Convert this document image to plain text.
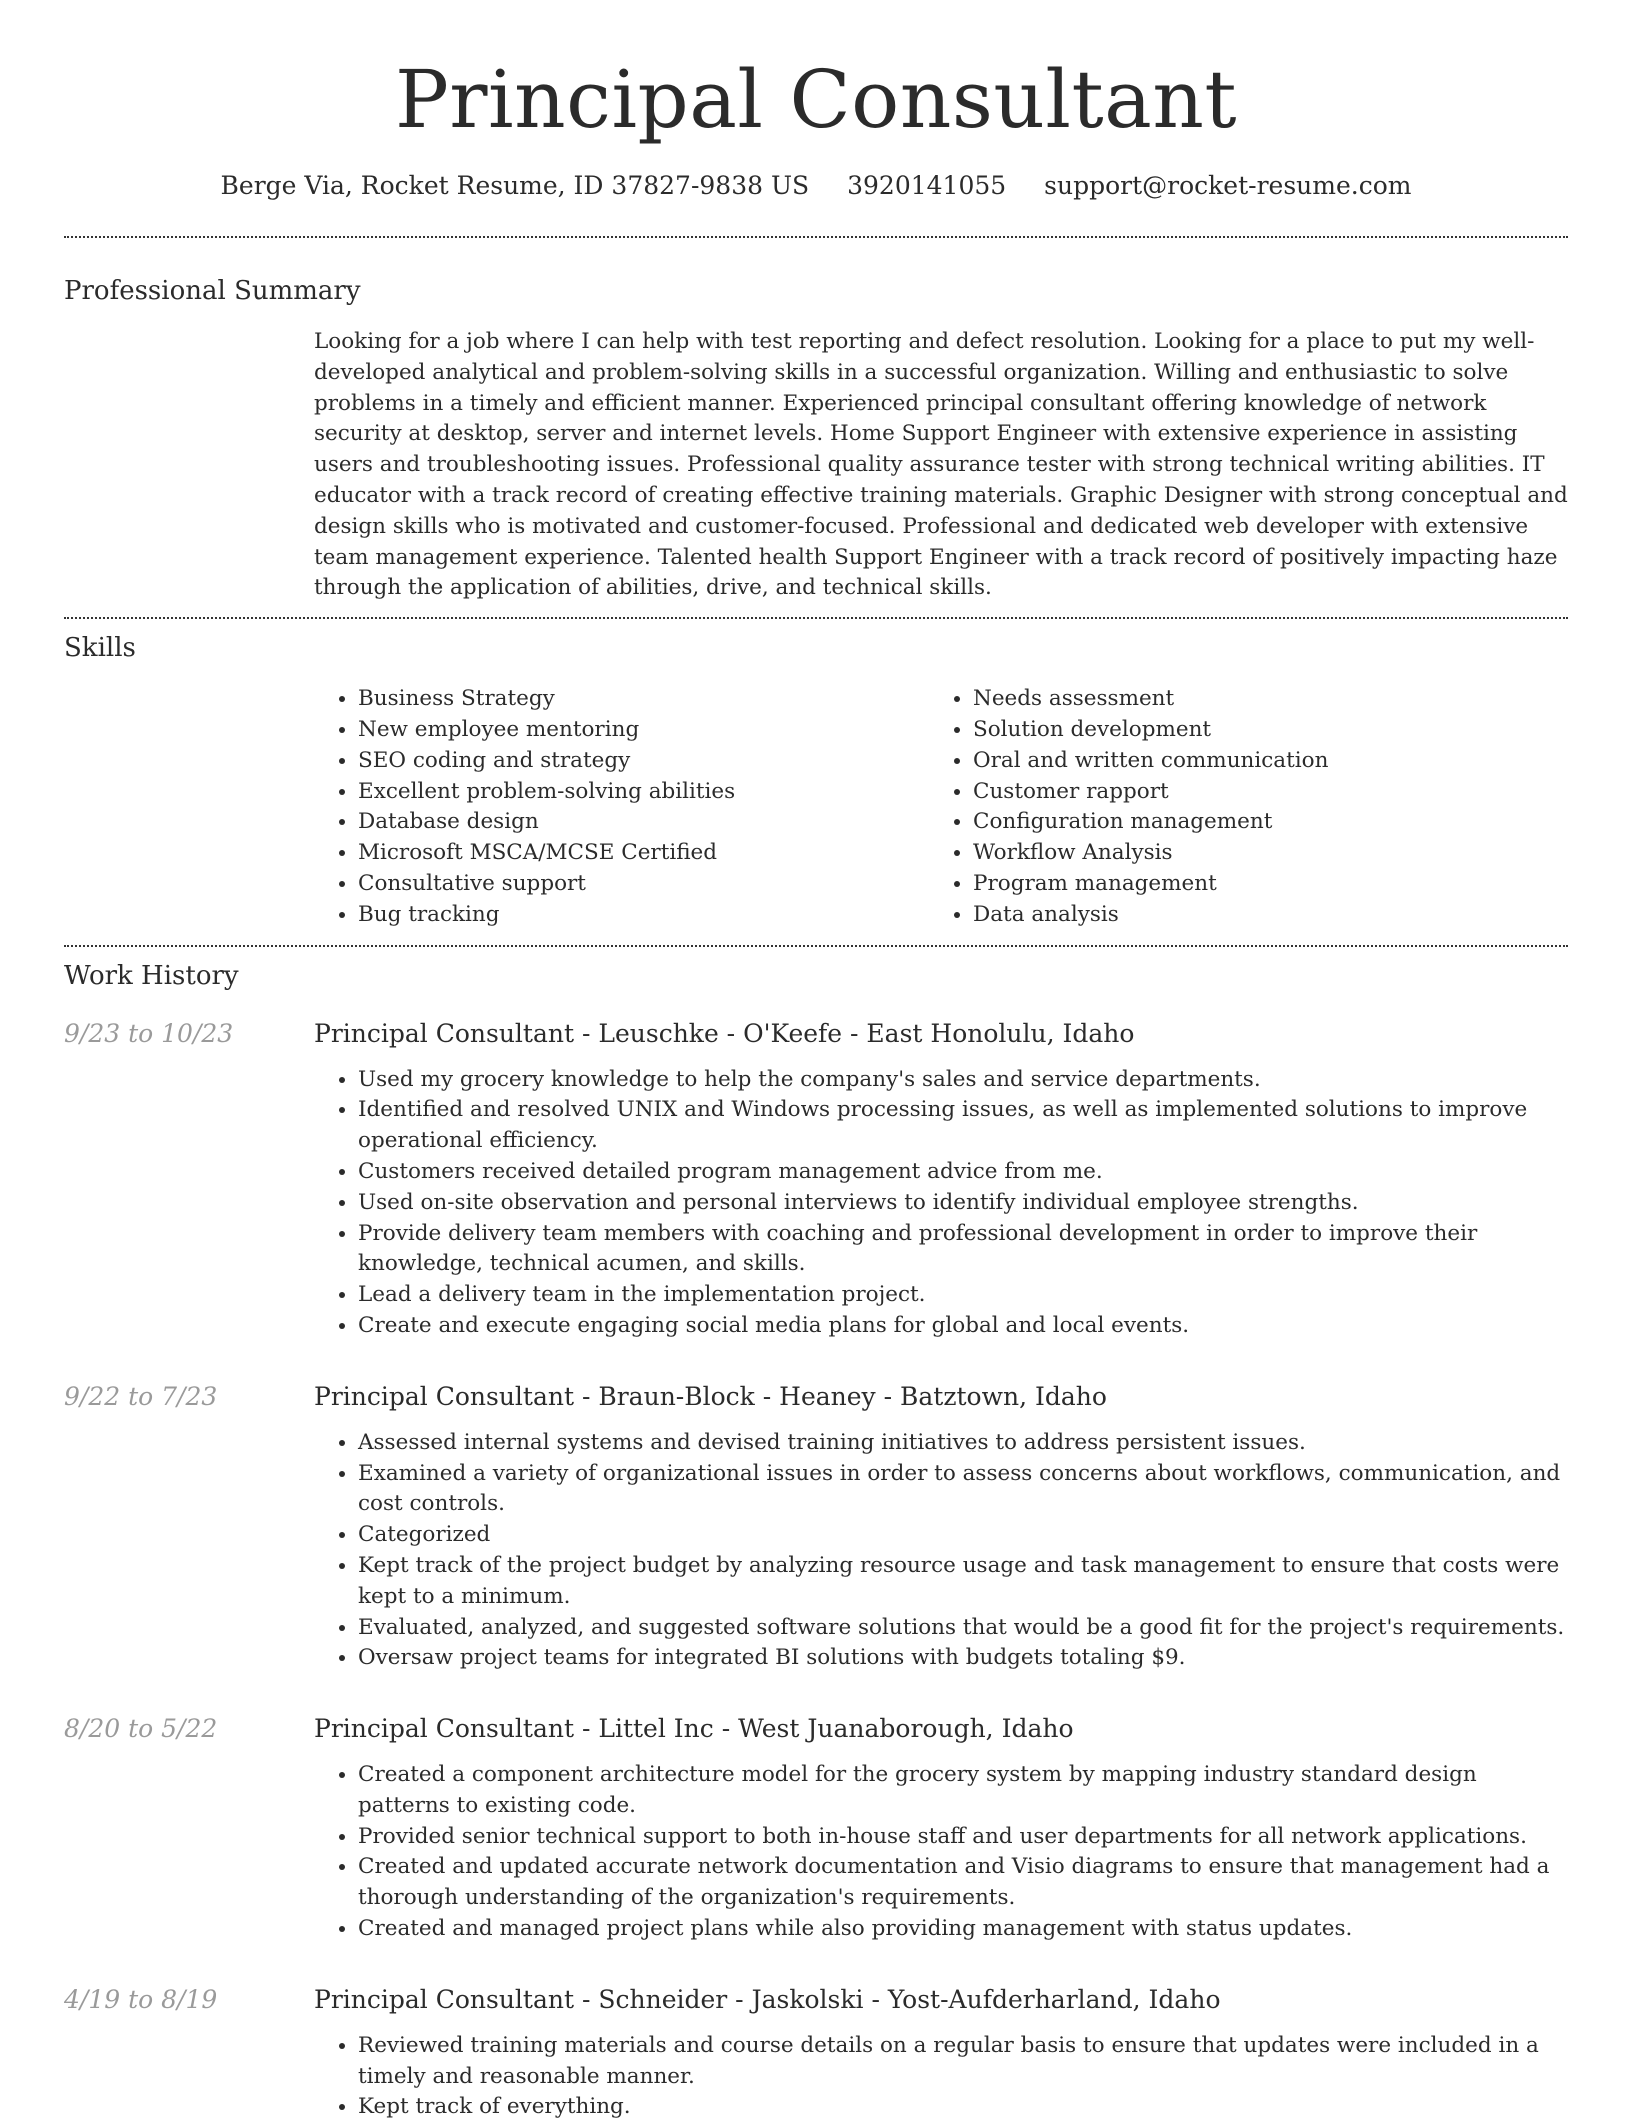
Principal Consultant
Berge Via, Rocket Resume, ID 37827-9838 US 3920141055 support@rocket-resume.com
Professional Summary

Looking for a job where I can help with test reporting and defect resolution. Looking for a place to put my well-developed analytical and problem-solving skills in a successful organization. Willing and enthusiastic to solve problems in a timely and efficient manner. Experienced principal consultant offering knowledge of network security at desktop, server and internet levels. Home Support Engineer with extensive experience in assisting users and troubleshooting issues. Professional quality assurance tester with strong technical writing abilities. IT educator with a track record of creating effective training materials. Graphic Designer with strong conceptual and design skills who is motivated and customer-focused. Professional and dedicated web developer with extensive team management experience. Talented health Support Engineer with a track record of positively impacting haze through the application of abilities, drive, and technical skills.

Skills
• Business Strategy
• New employee mentoring
• SEO coding and strategy
• Excellent problem-solving abilities
• Database design
• Microsoft MSCA/MCSE Certified
• Consultative support
• Bug tracking
• Needs assessment
• Solution development
• Oral and written communication
• Customer rapport
• Configuration management
• Workflow Analysis
• Program management
• Data analysis
Work History
9/23 to 10/23	Principal Consultant - Leuschke - O'Keefe - East Honolulu, Idaho
• Used my grocery knowledge to help the company's sales and service departments.
• Identified and resolved UNIX and Windows processing issues, as well as implemented solutions to improve operational efficiency.
• Customers received detailed program management advice from me.
• Used on-site observation and personal interviews to identify individual employee strengths.
• Provide delivery team members with coaching and professional development in order to improve their knowledge, technical acumen, and skills.
• Lead a delivery team in the implementation project.
• Create and execute engaging social media plans for global and local events.
9/22 to 7/23	Principal Consultant - Braun-Block - Heaney - Batztown, Idaho
• Assessed internal systems and devised training initiatives to address persistent issues.
• Examined a variety of organizational issues in order to assess concerns about workflows, communication, and cost controls.
• Categorized
• Kept track of the project budget by analyzing resource usage and task management to ensure that costs were kept to a minimum.
• Evaluated, analyzed, and suggested software solutions that would be a good fit for the project's requirements.
• Oversaw project teams for integrated BI solutions with budgets totaling $9.
8/20 to 5/22	Principal Consultant - Littel Inc - West Juanaborough, Idaho
• Created a component architecture model for the grocery system by mapping industry standard design patterns to existing code.
• Provided senior technical support to both in-house staff and user departments for all network applications.
• Created and updated accurate network documentation and Visio diagrams to ensure that management had a thorough understanding of the organization's requirements.
• Created and managed project plans while also providing management with status updates.
4/19 to 8/19	Principal Consultant - Schneider - Jaskolski - Yost-Aufderharland, Idaho
• Reviewed training materials and course details on a regular basis to ensure that updates were included in a timely and reasonable manner.
• Kept track of everything.
